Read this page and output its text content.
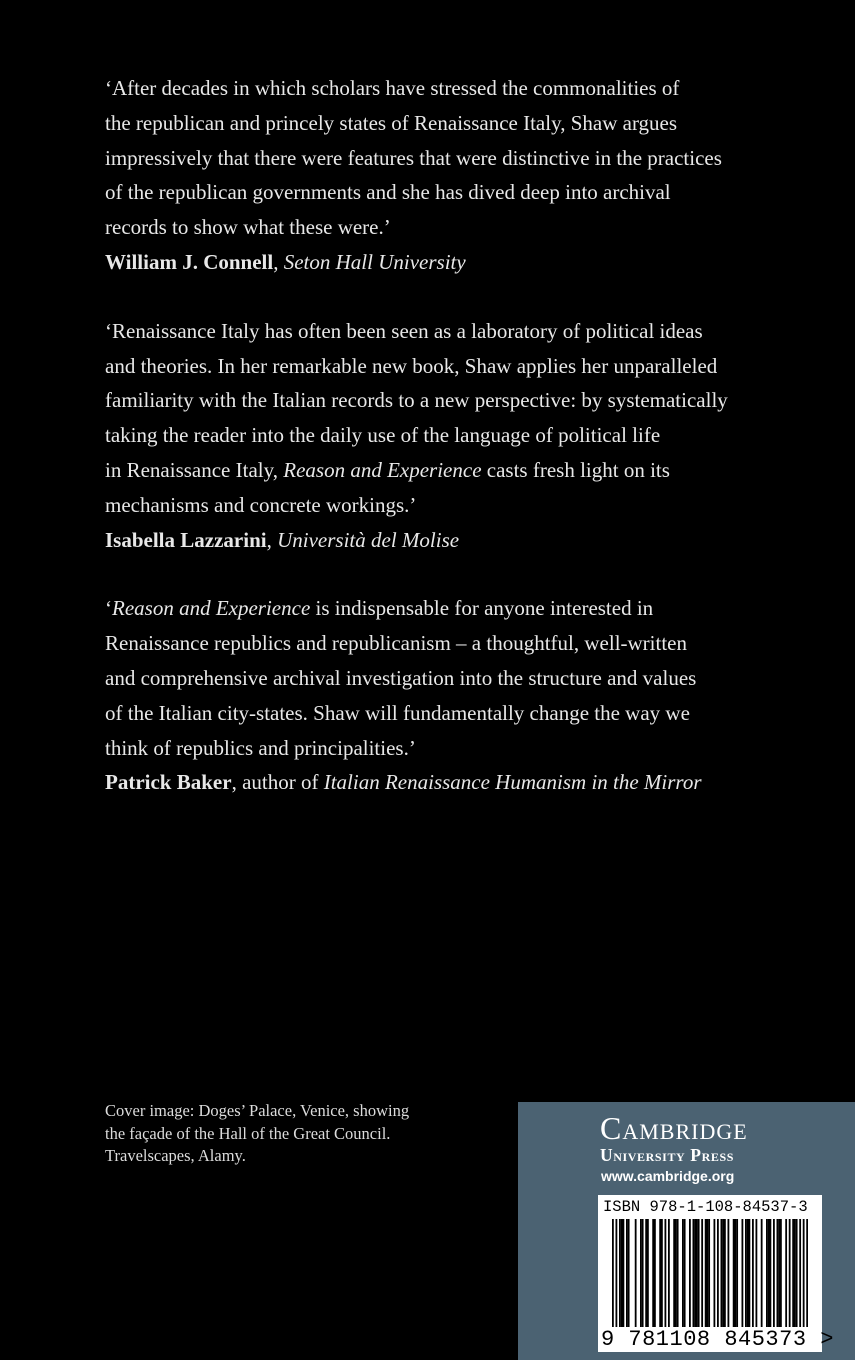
‘After decades in which scholars have stressed the commonalities of
the republican and princely states of Renaissance Italy, Shaw argues
impressively that there were features that were distinctive in the practices
of the republican governments and she has dived deep into archival
records to show what these were.’

William J. Connell, Seton Hall University

‘Renaissance Italy has often been seen as a laboratory of political ideas
and theories. In her remarkable new book, Shaw applies her unparalleled
familiarity with the Italian records to a new perspective: by systematically
taking the reader into the daily use of the language of political life
in Renaissance Italy, Reason and Experience casts fresh light on its
mechanisms and concrete workings.’

Isabella Lazzarini, Università del Molise

‘Reason and Experience is indispensable for anyone interested in
Renaissance republics and republicanism – a thoughtful, well-written
and comprehensive archival investigation into the structure and values
of the Italian city-states. Shaw will fundamentally change the way we
think of republics and principalities.’

Patrick Baker, author of Italian Renaissance Humanism in the Mirror

Cover image: Doges’ Palace, Venice, showing
the façade of the Hall of the Great Council.
Travelscapes, Alamy.
Cambridge
University Press
www.cambridge.org
ISBN 978-1-108-84537-3
9 781108 845373 >
